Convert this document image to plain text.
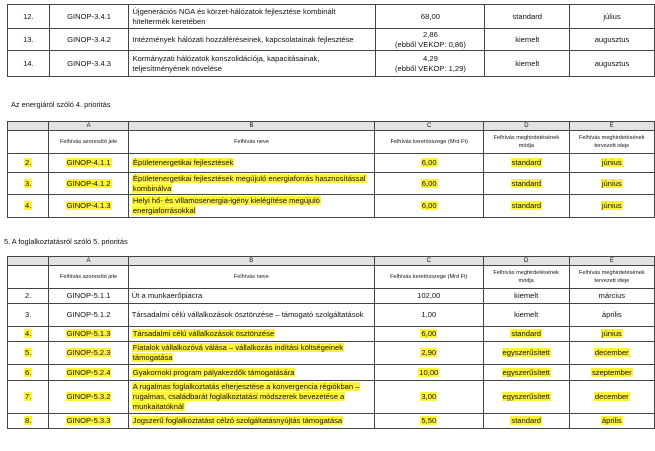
12.	GINOP-3.4.1	Újgenerációs NGA és körzet-hálózatok fejlesztése kombinált hiteltermék keretében	68,00	standard	július
13.	GINOP-3.4.2	Intézmények hálózati hozzáféréseinek, kapcsolatainak fejlesztése	2,86
(ebből VEKOP: 0,86)	kiemelt	augusztus
14.	GINOP-3.4.3	Kormányzati hálózatok konszolidációja, kapacitásainak, teljesítményének növelése	4,29
(ebből VEKOP: 1,29)	kiemelt	augusztus
Az energiáról szóló 4. prioritás
	A	B	C	D	E
	Felhívás azonosító jele	Felhívás neve	Felhívás keretösszege (Mrd Ft)	Felhívás meghirdetésének módja	Felhívás meghirdetésének tervezett ideje
2.	GINOP-4.1.1	Épületenergetikai fejlesztések	6,00	standard	június
3.	GINOP-4.1.2	Épületenergetikai fejlesztések megújuló energiaforrás hasznosítással kombinálva	6,00	standard	június
4.	GINOP-4.1.3	Helyi hő- és villamosenergia-igény kielégítése megújuló energiaforrásokkal	6,00	standard	június
5. A foglalkoztatásról szóló 5. prioritás
	A	B	C	D	E
	Felhívás azonosító jele	Felhívás neve	Felhívás keretösszege (Mrd Ft)	Felhívás meghirdetésének módja	Felhívás meghirdetésének tervezett ideje
2.	GINOP-5.1.1	Út a munkaerőpiacra	102,00	kiemelt	március
3.	GINOP-5.1.2	Társadalmi célú vállalkozások ösztönzése – támogató szolgáltatások	1,00	kiemelt	április
4.	GINOP-5.1.3	Társadalmi célú vállalkozások ösztönzése	6,00	standard	június
5.	GINOP-5.2.3	Fiatalok vállalkozóvá válása – vállalkozás indítási költségeinek támogatása	2,90	egyszerűsített	december
6.	GINOP-5.2.4	Gyakornoki program pályakezdők támogatására	10,00	egyszerűsített	szeptember
7.	GINOP-5.3.2	A rugalmas foglalkoztatás elterjesztése a konvergencia régiókban – rugalmas, családbarát foglalkoztatási módszerek bevezetése a munkaitatóknál	3,00	egyszerűsített	december
8.	GINOP-5.3.3	Jogszerű foglalkoztatást célzó szolgáltatásnyújtás támogatása	5,50	standard	április
